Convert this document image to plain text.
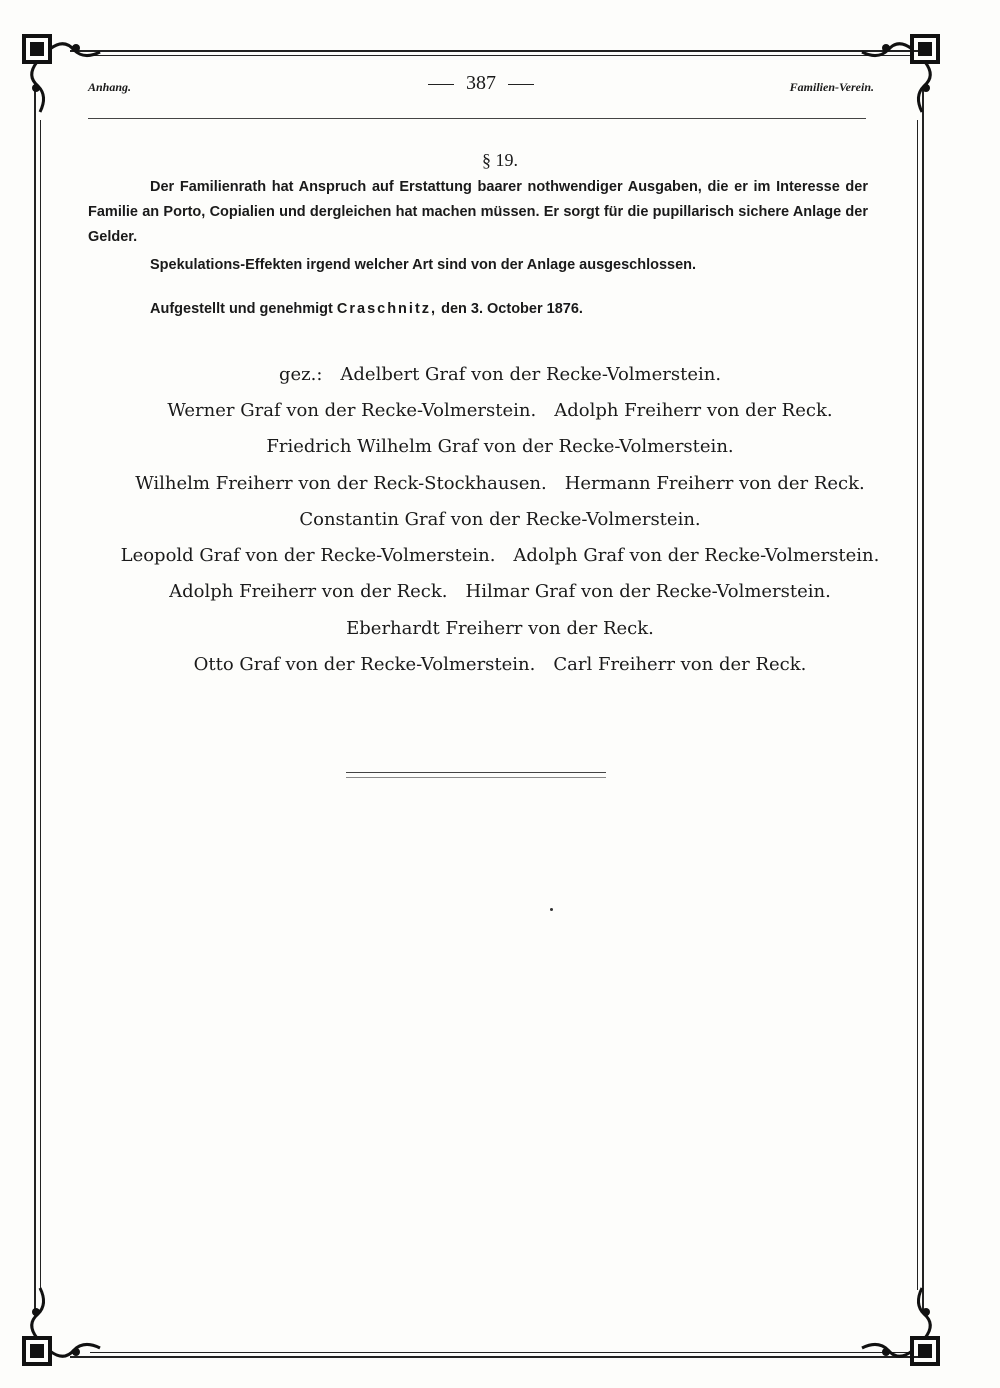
Anhang.	387	Familien-Verein.
§ 19.
Der Familienrath hat Anspruch auf Erstattung baarer nothwendiger Ausgaben, die er im Interesse der Familie an Porto, Copialien und dergleichen hat machen müssen. Er sorgt für die pupillarisch sichere Anlage der Gelder.
Spekulations-Effekten irgend welcher Art sind von der Anlage ausgeschlossen.
Aufgestellt und genehmigt Craschnitz, den 3. October 1876.
gez.: Adelbert Graf von der Recke-Volmerstein.
Werner Graf von der Recke-Volmerstein. Adolph Freiherr von der Reck.
Friedrich Wilhelm Graf von der Recke-Volmerstein.
Wilhelm Freiherr von der Reck-Stockhausen. Hermann Freiherr von der Reck.
Constantin Graf von der Recke-Volmerstein.
Leopold Graf von der Recke-Volmerstein. Adolph Graf von der Recke-Volmerstein.
Adolph Freiherr von der Reck. Hilmar Graf von der Recke-Volmerstein.
Eberhardt Freiherr von der Reck.
Otto Graf von der Recke-Volmerstein. Carl Freiherr von der Reck.
